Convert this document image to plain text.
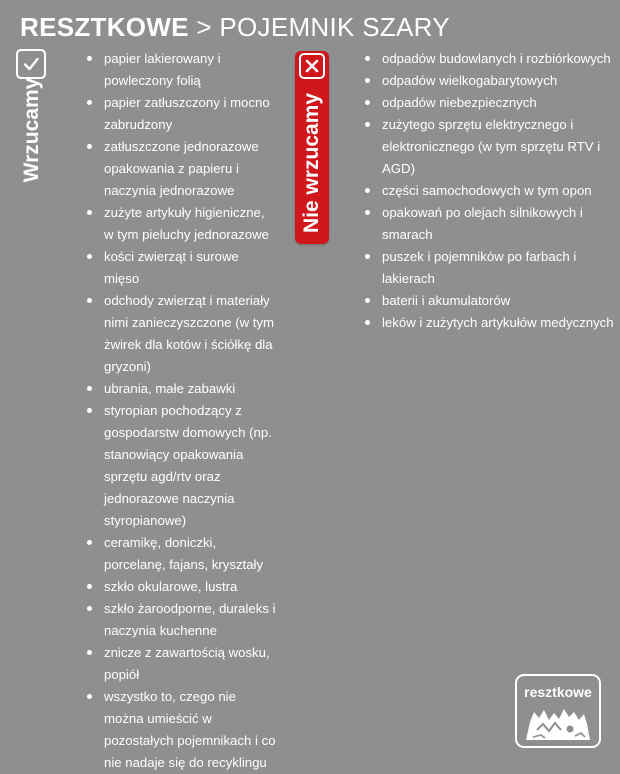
RESZTKOWE > POJEMNIK SZARY
Wrzucamy
papier lakierowany i powleczony folią
papier zatłuszczony i mocno zabrudzony
zatłuszczone jednorazowe opakowania z papieru i naczynia jednorazowe
zużyte artykuły higieniczne, w tym pieluchy jednorazowe
kości zwierząt i surowe mięso
odchody zwierząt i materiały nimi zanieczyszczone (w tym żwirek dla kotów i ściółkę dla gryzoni)
ubrania, małe zabawki
styropian pochodzący z gospodarstw domowych (np. stanowiący opakowania sprzętu agd/rtv oraz jednorazowe naczynia styropianowe)
ceramikę, doniczki, porcelanę, fajans, kryształy
szkło okularowe, lustra
szkło żaroodporne, duraleks i naczynia kuchenne
znicze z zawartością wosku, popiół
wszystko to, czego nie można umieścić w pozostałych pojemnikach i co nie nadaje się do recyklingu
Nie wrzucamy
odpadów budowlanych i rozbiórkowych
odpadów wielkogabarytowych
odpadów niebezpiecznych
zużytego sprzętu elektrycznego i elektronicznego (w tym sprzętu RTV i AGD)
części samochodowych w tym opon
opakowań po olejach silnikowych i smarach
puszek i pojemników po farbach i lakierach
baterii i akumulatorów
leków i zużytych artykułów medycznych
resztkowe
